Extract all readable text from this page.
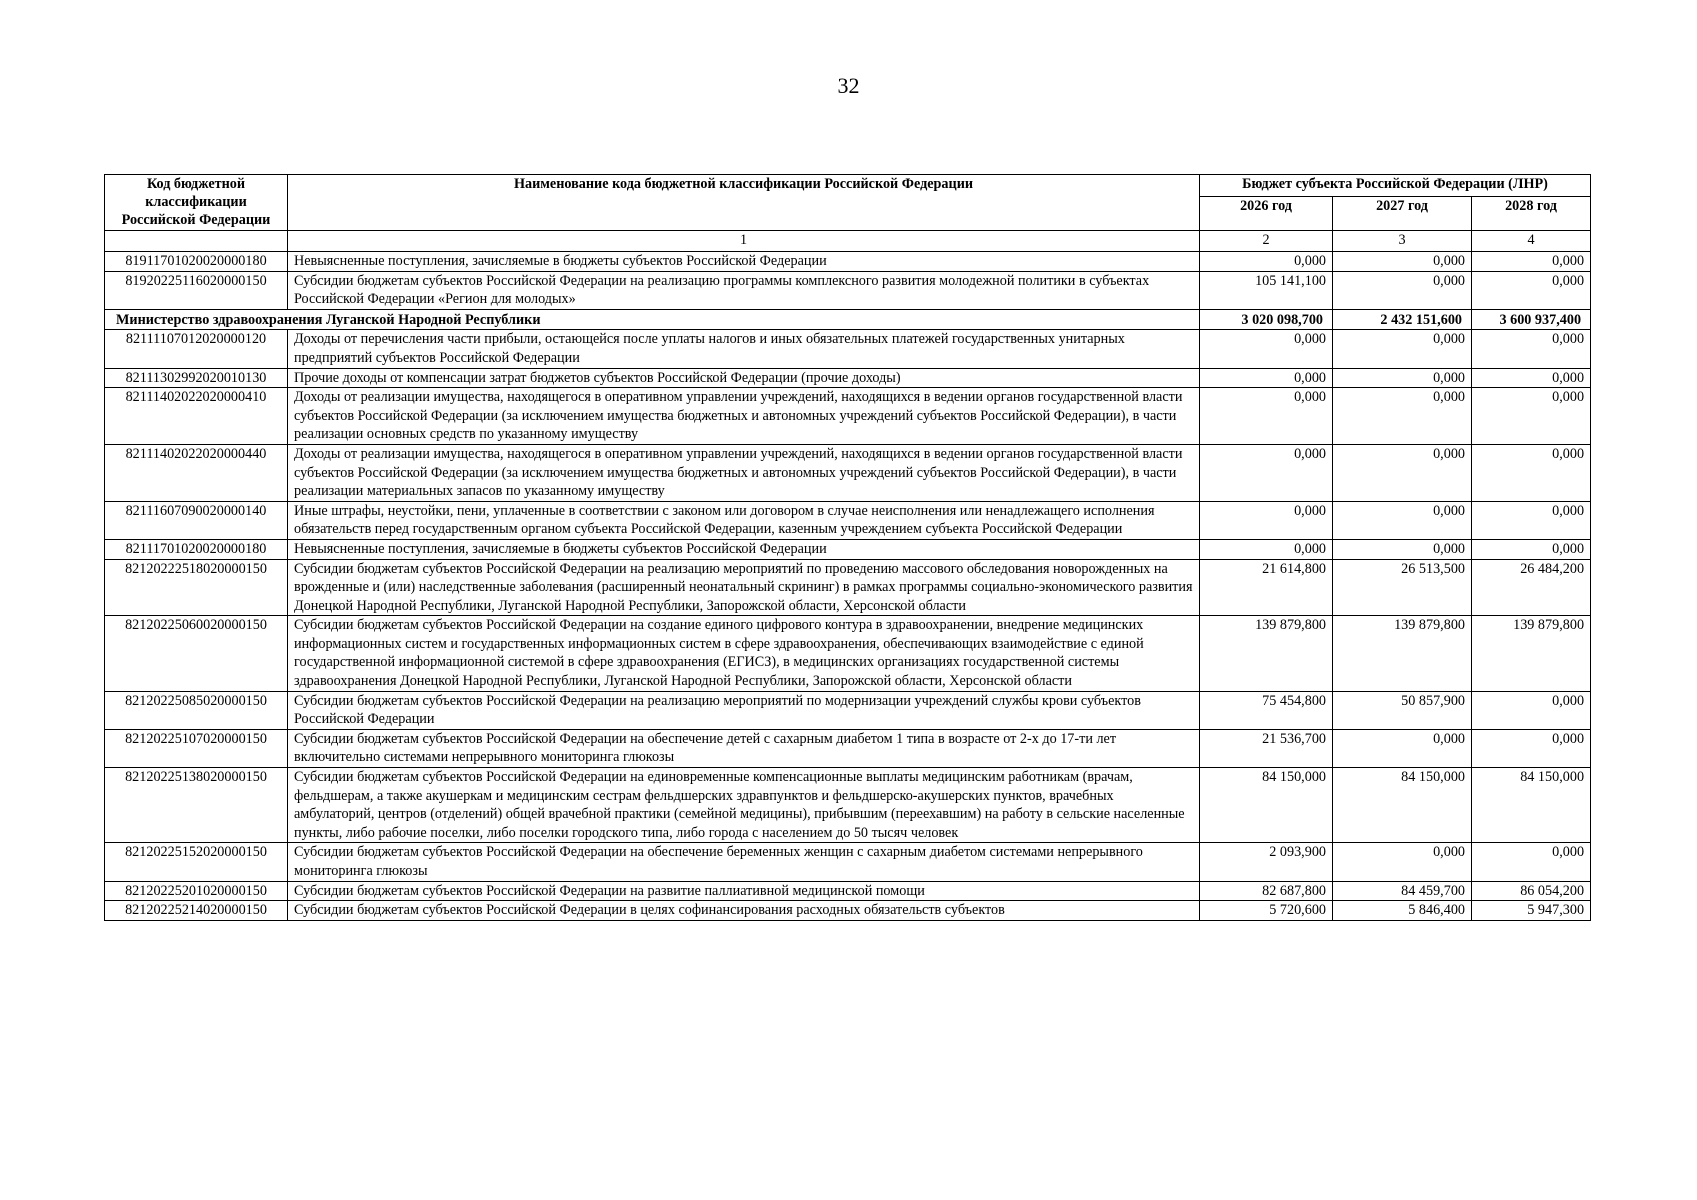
32
Код бюджетной классификации Российской Федерации	Наименование кода бюджетной классификации Российской Федерации	Бюджет субъекта Российской Федерации (ЛНР)		
		2026 год	2027 год	2028 год
	1	2	3	4
81911701020020000180	Невыясненные поступления, зачисляемые в бюджеты субъектов Российской Федерации	0,000	0,000	0,000
81920225116020000150	Субсидии бюджетам субъектов Российской Федерации на реализацию программы комплексного развития молодежной политики в субъектах Российской Федерации «Регион для молодых»	105 141,100	0,000	0,000
Министерство здравоохранения Луганской Народной Республики		3 020 098,700	2 432 151,600	3 600 937,400
82111107012020000120	Доходы от перечисления части прибыли, остающейся после уплаты налогов и иных обязательных платежей государственных унитарных предприятий субъектов Российской Федерации	0,000	0,000	0,000
82111302992020010130	Прочие доходы от компенсации затрат бюджетов субъектов Российской Федерации (прочие доходы)	0,000	0,000	0,000
82111402022020000410	Доходы от реализации имущества, находящегося в оперативном управлении учреждений, находящихся в ведении органов государственной власти субъектов Российской Федерации (за исключением имущества бюджетных и автономных учреждений субъектов Российской Федерации), в части реализации основных средств по указанному имуществу	0,000	0,000	0,000
82111402022020000440	Доходы от реализации имущества, находящегося в оперативном управлении учреждений, находящихся в ведении органов государственной власти субъектов Российской Федерации (за исключением имущества бюджетных и автономных учреждений субъектов Российской Федерации), в части реализации материальных запасов по указанному имуществу	0,000	0,000	0,000
82111607090020000140	Иные штрафы, неустойки, пени, уплаченные в соответствии с законом или договором в случае неисполнения или ненадлежащего исполнения обязательств перед государственным органом субъекта Российской Федерации, казенным учреждением субъекта Российской Федерации	0,000	0,000	0,000
82111701020020000180	Невыясненные поступления, зачисляемые в бюджеты субъектов Российской Федерации	0,000	0,000	0,000
82120222518020000150	Субсидии бюджетам субъектов Российской Федерации на реализацию мероприятий по проведению массового обследования новорожденных на врожденные и (или) наследственные заболевания (расширенный неонатальный скрининг) в рамках программы социально-экономического развития Донецкой Народной Республики, Луганской Народной Республики, Запорожской области, Херсонской области	21 614,800	26 513,500	26 484,200
82120225060020000150	Субсидии бюджетам субъектов Российской Федерации на создание единого цифрового контура в здравоохранении, внедрение медицинских информационных систем и государственных информационных систем в сфере здравоохранения, обеспечивающих взаимодействие с единой государственной информационной системой в сфере здравоохранения (ЕГИСЗ), в медицинских организациях государственной системы здравоохранения Донецкой Народной Республики, Луганской Народной Республики, Запорожской области, Херсонской области	139 879,800	139 879,800	139 879,800
82120225085020000150	Субсидии бюджетам субъектов Российской Федерации на реализацию мероприятий по модернизации учреждений службы крови субъектов Российской Федерации	75 454,800	50 857,900	0,000
82120225107020000150	Субсидии бюджетам субъектов Российской Федерации на обеспечение детей с сахарным диабетом 1 типа в возрасте от 2-х до 17-ти лет включительно системами непрерывного мониторинга глюкозы	21 536,700	0,000	0,000
82120225138020000150	Субсидии бюджетам субъектов Российской Федерации на единовременные компенсационные выплаты медицинским работникам (врачам, фельдшерам, а также акушеркам и медицинским сестрам фельдшерских здравпунктов и фельдшерско-акушерских пунктов, врачебных амбулаторий, центров (отделений) общей врачебной практики (семейной медицины), прибывшим (переехавшим) на работу в сельские населенные пункты, либо рабочие поселки, либо поселки городского типа, либо города с населением до 50 тысяч человек	84 150,000	84 150,000	84 150,000
82120225152020000150	Субсидии бюджетам субъектов Российской Федерации на обеспечение беременных женщин с сахарным диабетом системами непрерывного мониторинга глюкозы	2 093,900	0,000	0,000
82120225201020000150	Субсидии бюджетам субъектов Российской Федерации на развитие паллиативной медицинской помощи	82 687,800	84 459,700	86 054,200
82120225214020000150	Субсидии бюджетам субъектов Российской Федерации в целях софинансирования расходных обязательств субъектов	5 720,600	5 846,400	5 947,300
